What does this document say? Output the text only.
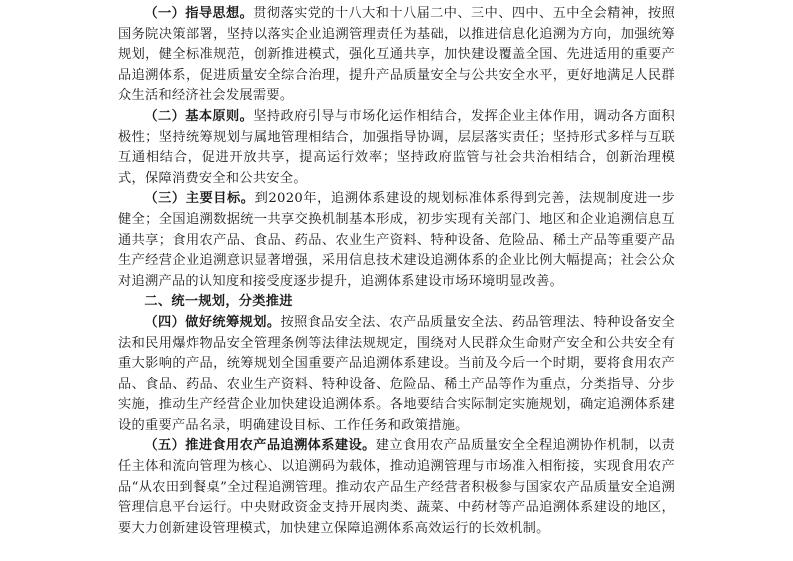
（一）指导思想。贯彻落实党的十八大和十八届二中、三中、四中、五中全会精神，按照国务院决策部署，坚持以落实企业追溯管理责任为基础，以推进信息化追溯为方向，加强统筹规划，健全标准规范，创新推进模式，强化互通共享，加快建设覆盖全国、先进适用的重要产品追溯体系，促进质量安全综合治理，提升产品质量安全与公共安全水平，更好地满足人民群众生活和经济社会发展需要。

（二）基本原则。坚持政府引导与市场化运作相结合，发挥企业主体作用，调动各方面积极性；坚持统筹规划与属地管理相结合，加强指导协调，层层落实责任；坚持形式多样与互联互通相结合，促进开放共享，提高运行效率；坚持政府监管与社会共治相结合，创新治理模式，保障消费安全和公共安全。

（三）主要目标。到2020年，追溯体系建设的规划标准体系得到完善，法规制度进一步健全；全国追溯数据统一共享交换机制基本形成，初步实现有关部门、地区和企业追溯信息互通共享；食用农产品、食品、药品、农业生产资料、特种设备、危险品、稀土产品等重要产品生产经营企业追溯意识显著增强，采用信息技术建设追溯体系的企业比例大幅提高；社会公众对追溯产品的认知度和接受度逐步提升，追溯体系建设市场环境明显改善。

二、统一规划，分类推进

（四）做好统筹规划。按照食品安全法、农产品质量安全法、药品管理法、特种设备安全法和民用爆炸物品安全管理条例等法律法规规定，围绕对人民群众生命财产安全和公共安全有重大影响的产品，统筹规划全国重要产品追溯体系建设。当前及今后一个时期，要将食用农产品、食品、药品、农业生产资料、特种设备、危险品、稀土产品等作为重点，分类指导、分步实施，推动生产经营企业加快建设追溯体系。各地要结合实际制定实施规划，确定追溯体系建设的重要产品名录，明确建设目标、工作任务和政策措施。

（五）推进食用农产品追溯体系建设。建立食用农产品质量安全全程追溯协作机制，以责任主体和流向管理为核心、以追溯码为载体，推动追溯管理与市场准入相衔接，实现食用农产品“从农田到餐桌”全过程追溯管理。推动农产品生产经营者积极参与国家农产品质量安全追溯管理信息平台运行。中央财政资金支持开展肉类、蔬菜、中药材等产品追溯体系建设的地区，要大力创新建设管理模式，加快建立保障追溯体系高效运行的长效机制。
